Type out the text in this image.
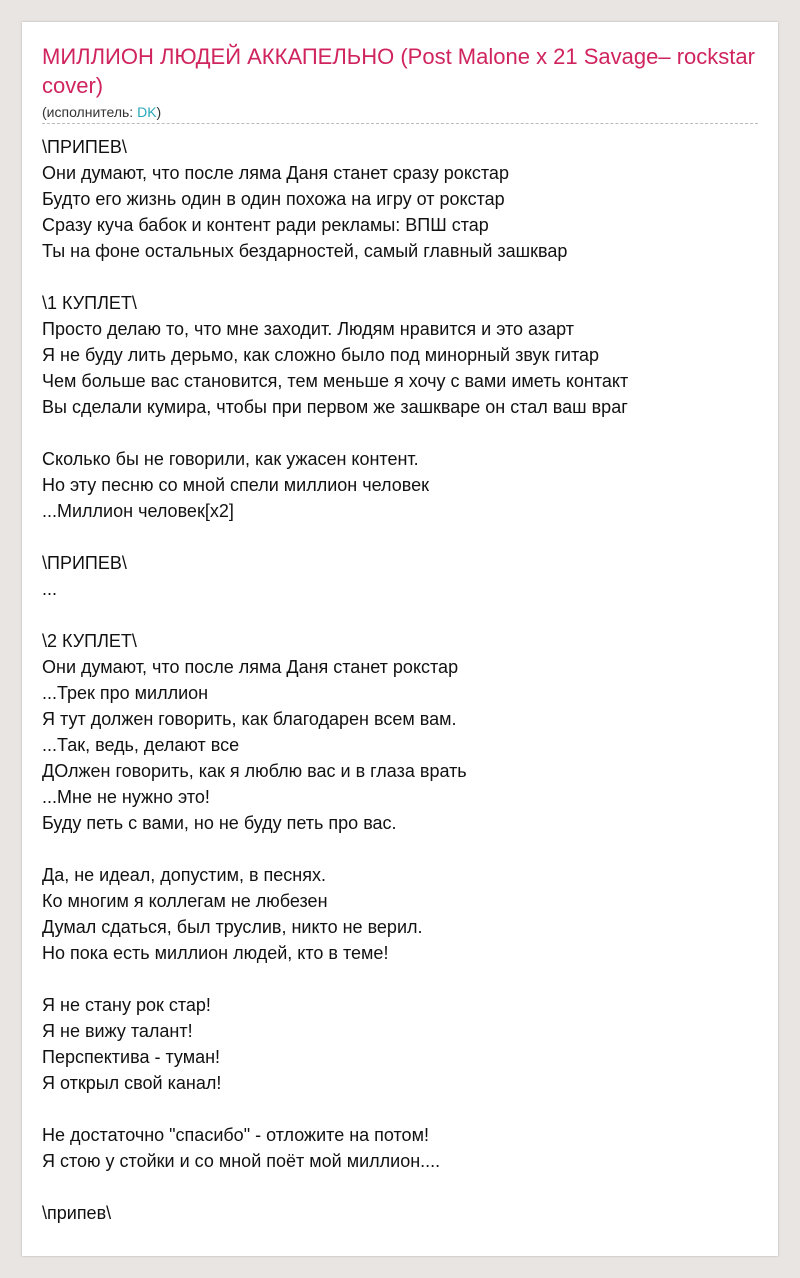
МИЛЛИОН ЛЮДЕЙ АККАПЕЛЬНО (Post Malone x 21 Savage– rockstar cover)
(исполнитель: DK)
\ПРИПЕВ\
Они думают, что после ляма Даня станет сразу рокстар
Будто его жизнь один в один похожа на игру от рокстар
Сразу куча бабок и контент ради рекламы: ВПШ стар
Ты на фоне остальных бездарностей, самый главный зашквар
\1 КУПЛЕТ\
Просто делаю то, что мне заходит. Людям нравится и это азарт
Я не буду лить дерьмо, как сложно было под минорный звук гитар
Чем больше вас становится, тем меньше я хочу с вами иметь контакт
Вы сделали кумира, чтобы при первом же зашкваре он стал ваш враг
Сколько бы не говорили, как ужасен контент.
Но эту песню со мной спели миллион человек
...Миллион человек[x2]
\ПРИПЕВ\
...
\2 КУПЛЕТ\
Они думают, что после ляма Даня станет рокстар
...Трек про миллион
Я тут должен говорить, как благодарен всем вам.
...Так, ведь, делают все
ДОлжен говорить, как я люблю вас и в глаза врать
...Мне не нужно это!
Буду петь с вами, но не буду петь про вас.
Да, не идеал, допустим, в песнях.
Ко многим я коллегам не любезен
Думал сдаться, был труслив, никто не верил.
Но пока есть миллион людей, кто в теме!
Я не стану рок стар!
Я не вижу талант!
Перспектива - туман!
Я открыл свой канал!
Не достаточно "спасибо" - отложите на потом!
Я стою у стойки и со мной поёт мой миллион....
\припев\
